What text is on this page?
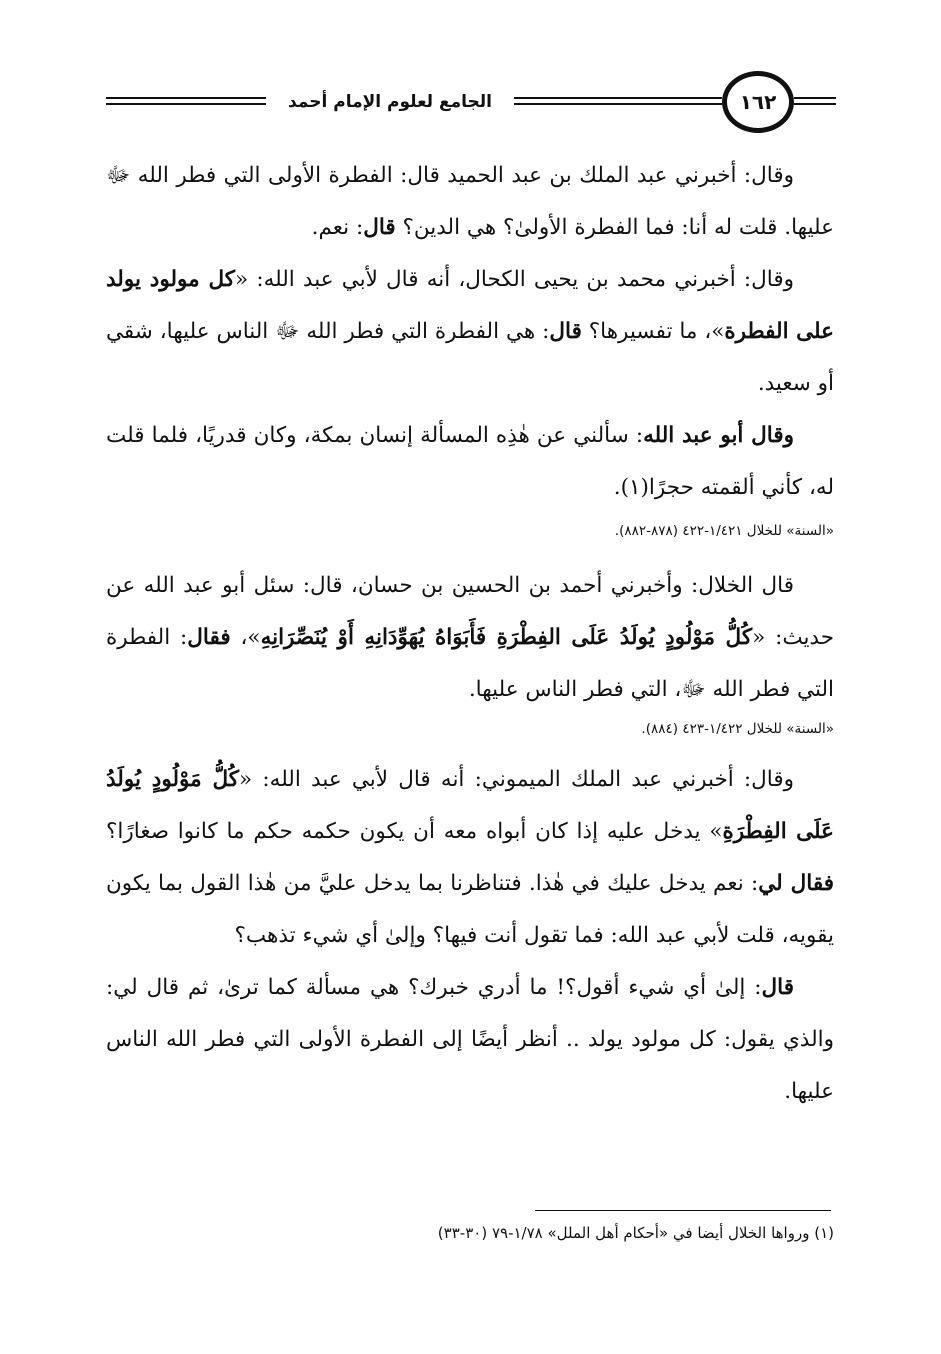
الجامع لعلوم الإمام أحمد	١٦٢

وقال: أخبرني عبد الملك بن عبد الحميد قال: الفطرة الأولى التي فطر الله ﷻ عليها. قلت له أنا: فما الفطرة الأولىٰ؟ هي الدين؟ قال: نعم.

وقال: أخبرني محمد بن يحيى الكحال، أنه قال لأبي عبد الله: «كل مولود يولد على الفطرة»، ما تفسيرها؟ قال: هي الفطرة التي فطر الله ﷻ الناس عليها، شقي أو سعيد.

وقال أبو عبد الله: سألني عن هٰذِه المسألة إنسان بمكة، وكان قدريًا، فلما قلت له، كأني ألقمته حجرًا(١).

«السنة» للخلال ١/٤٢١-٤٢٢ (٨٧٨-٨٨٢).

قال الخلال: وأخبرني أحمد بن الحسين بن حسان، قال: سئل أبو عبد الله عن حديث: «كُلُّ مَوْلُودٍ يُولَدُ عَلَى الفِطْرَةِ فَأَبَوَاهُ يُهَوِّدَانِهِ أَوْ يُنَصِّرَانِهِ»، فقال: الفطرة التي فطر الله ﷻ، التي فطر الناس عليها.

«السنة» للخلال ١/٤٢٢-٤٢٣ (٨٨٤).

وقال: أخبرني عبد الملك الميموني: أنه قال لأبي عبد الله: «كُلُّ مَوْلُودٍ يُولَدُ عَلَى الفِطْرَةِ» يدخل عليه إذا كان أبواه معه أن يكون حكمه حكم ما كانوا صغارًا؟ فقال لي: نعم يدخل عليك في هٰذا. فتناظرنا بما يدخل عليَّ من هٰذا القول بما يكون يقويه، قلت لأبي عبد الله: فما تقول أنت فيها؟ وإلىٰ أي شيء تذهب؟

قال: إلىٰ أي شيء أقول؟! ما أدري خبرك؟ هي مسألة كما ترىٰ، ثم قال لي: والذي يقول: كل مولود يولد .. أنظر أيضًا إلى الفطرة الأولى التي فطر الله الناس عليها.

(١) ورواها الخلال أيضا في «أحكام أهل الملل» ١/٧٨-٧٩ (٣٠-٣٣)
